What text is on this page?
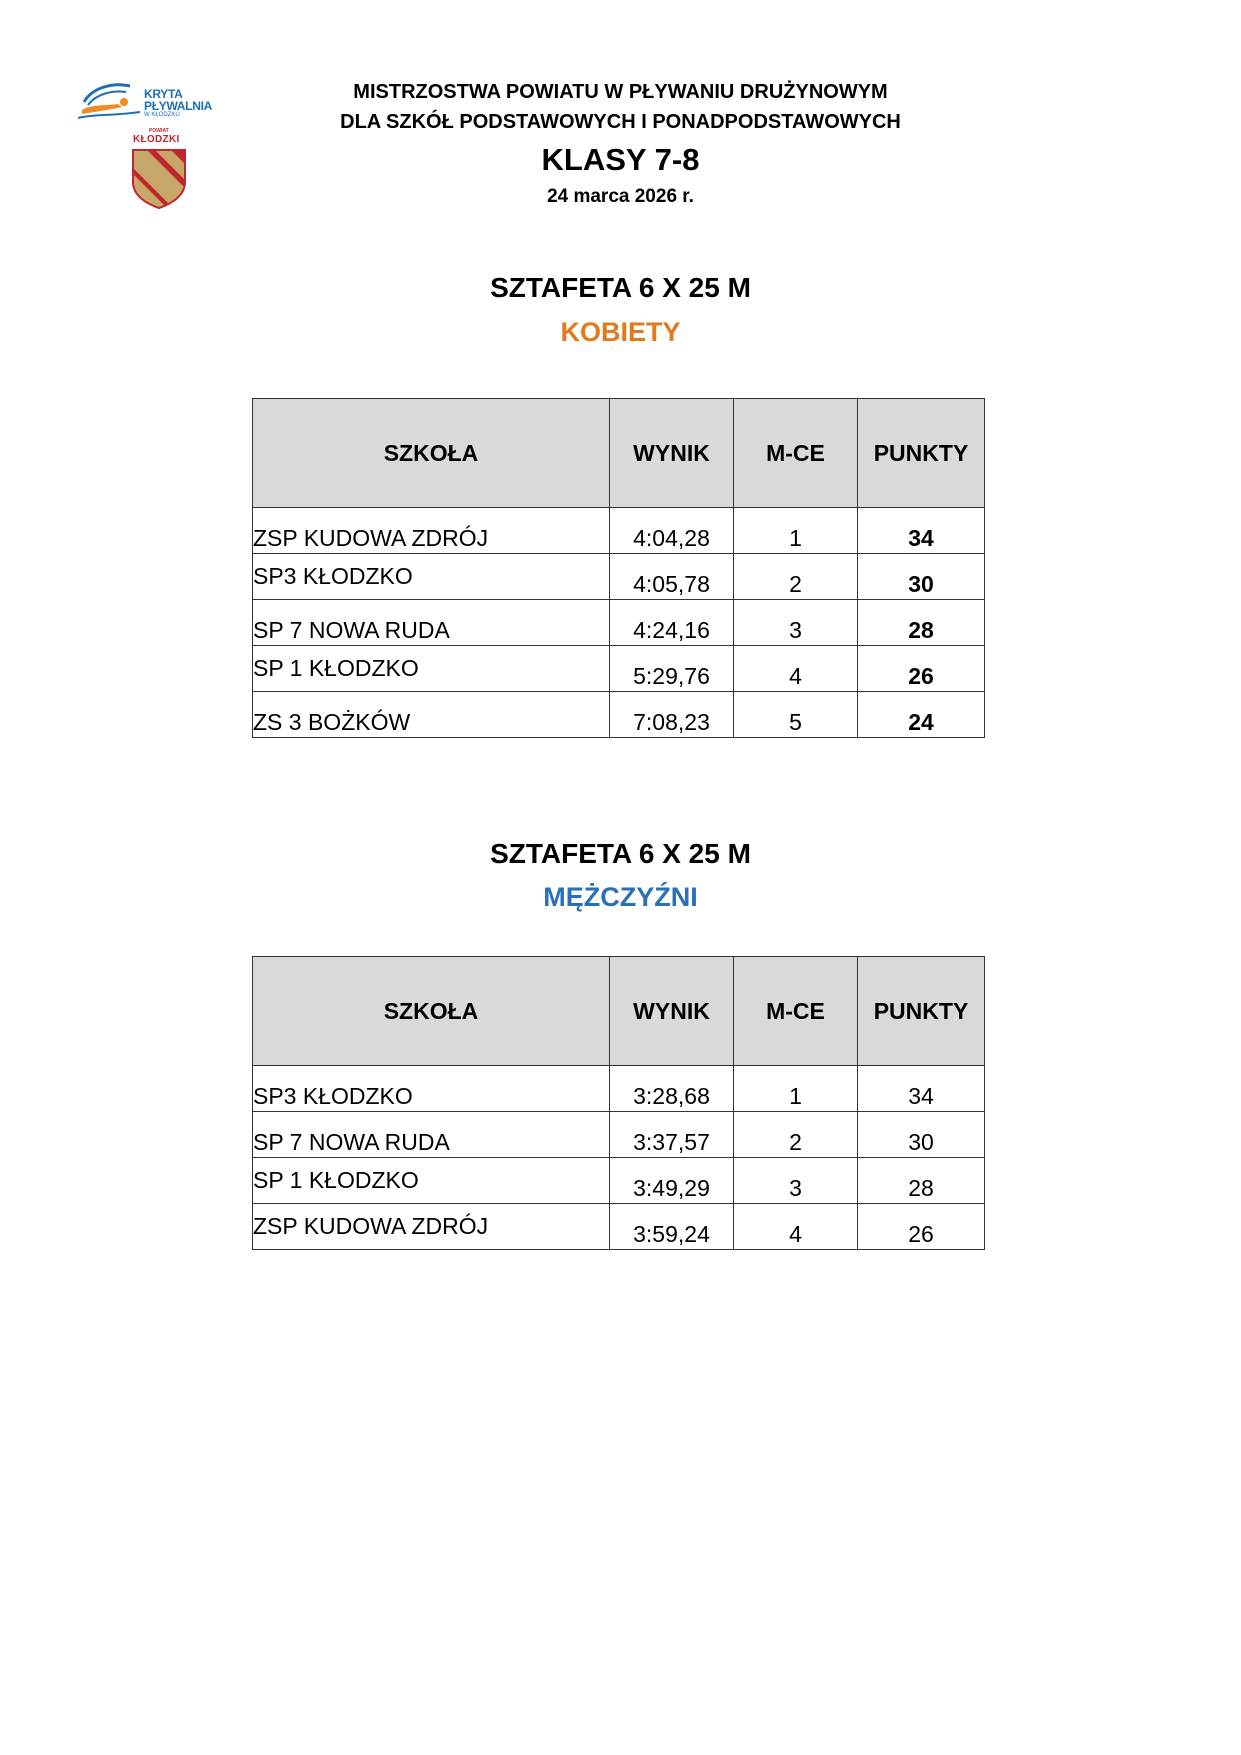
KRYTA
PŁYWALNIA
W KŁODZKU
POWIAT
KŁODZKI
MISTRZOSTWA POWIATU W PŁYWANIU DRUŻYNOWYM
DLA SZKÓŁ PODSTAWOWYCH I PONADPODSTAWOWYCH
KLASY 7-8
24 marca 2026 r.
SZTAFETA 6 X 25 M
KOBIETY
SZKOŁA	WYNIK	M-CE	PUNKTY
ZSP KUDOWA ZDRÓJ	4:04,28	1	34
SP3 KŁODZKO	4:05,78	2	30
SP 7 NOWA RUDA	4:24,16	3	28
SP 1 KŁODZKO	5:29,76	4	26
ZS 3 BOŻKÓW	7:08,23	5	24
SZTAFETA 6 X 25 M
MĘŻCZYŹNI
SZKOŁA	WYNIK	M-CE	PUNKTY
SP3 KŁODZKO	3:28,68	1	34
SP 7 NOWA RUDA	3:37,57	2	30
SP 1 KŁODZKO	3:49,29	3	28
ZSP KUDOWA ZDRÓJ	3:59,24	4	26
